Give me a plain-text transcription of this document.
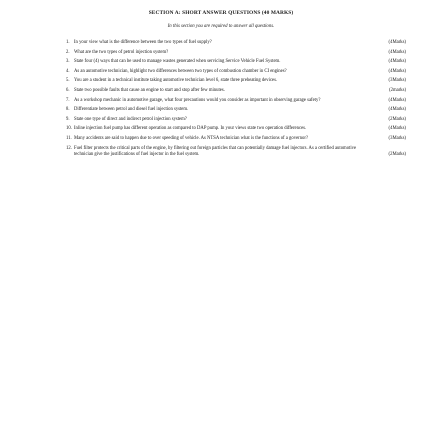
SECTION A: SHORT ANSWER QUESTIONS (40 MARKS)
In this section you are required to answer all questions.
1. In your view what is the difference between the two types of fuel supply?	(4Marks)
2. What are the two types of petrol injection system?	(4Marks)
3. State four (4) ways that can be used to manage wastes generated when servicing Service Vehicle Fuel System.	(4Marks)
4. As an automotive technician, highlight two differences between two types of combustion chamber in CI engines?	(4Marks)
5. You are a student in a technical institute taking automotive technician level 6, state three preheating devices.	(3Marks)
6. State two possible faults that cause an engine to start and stop after few minutes.	(2marks)
7. As a workshop mechanic in automotive garage, what four precautions would you consider as important in observing garage safety?	(4Marks)
8. Differentiate between petrol and diesel fuel injection system.	(4Marks)
9. State one type of direct and indirect petrol injection system?	(2Marks)
10. Inline injection fuel pump has different operation as compared to DAP pump. In your views state two operation differences.	(4Marks)
11. Many accidents are said to happen due to over speeding of vehicle. As NTSA technician what is the functions of a governor?	(3Marks)
12. Fuel filter protects the critical parts of the engine, by filtering out foreign particles that can potentially damage fuel injectors. As a certified automotive technician give the justifications of fuel injector in the fuel system.	(2Marks)
